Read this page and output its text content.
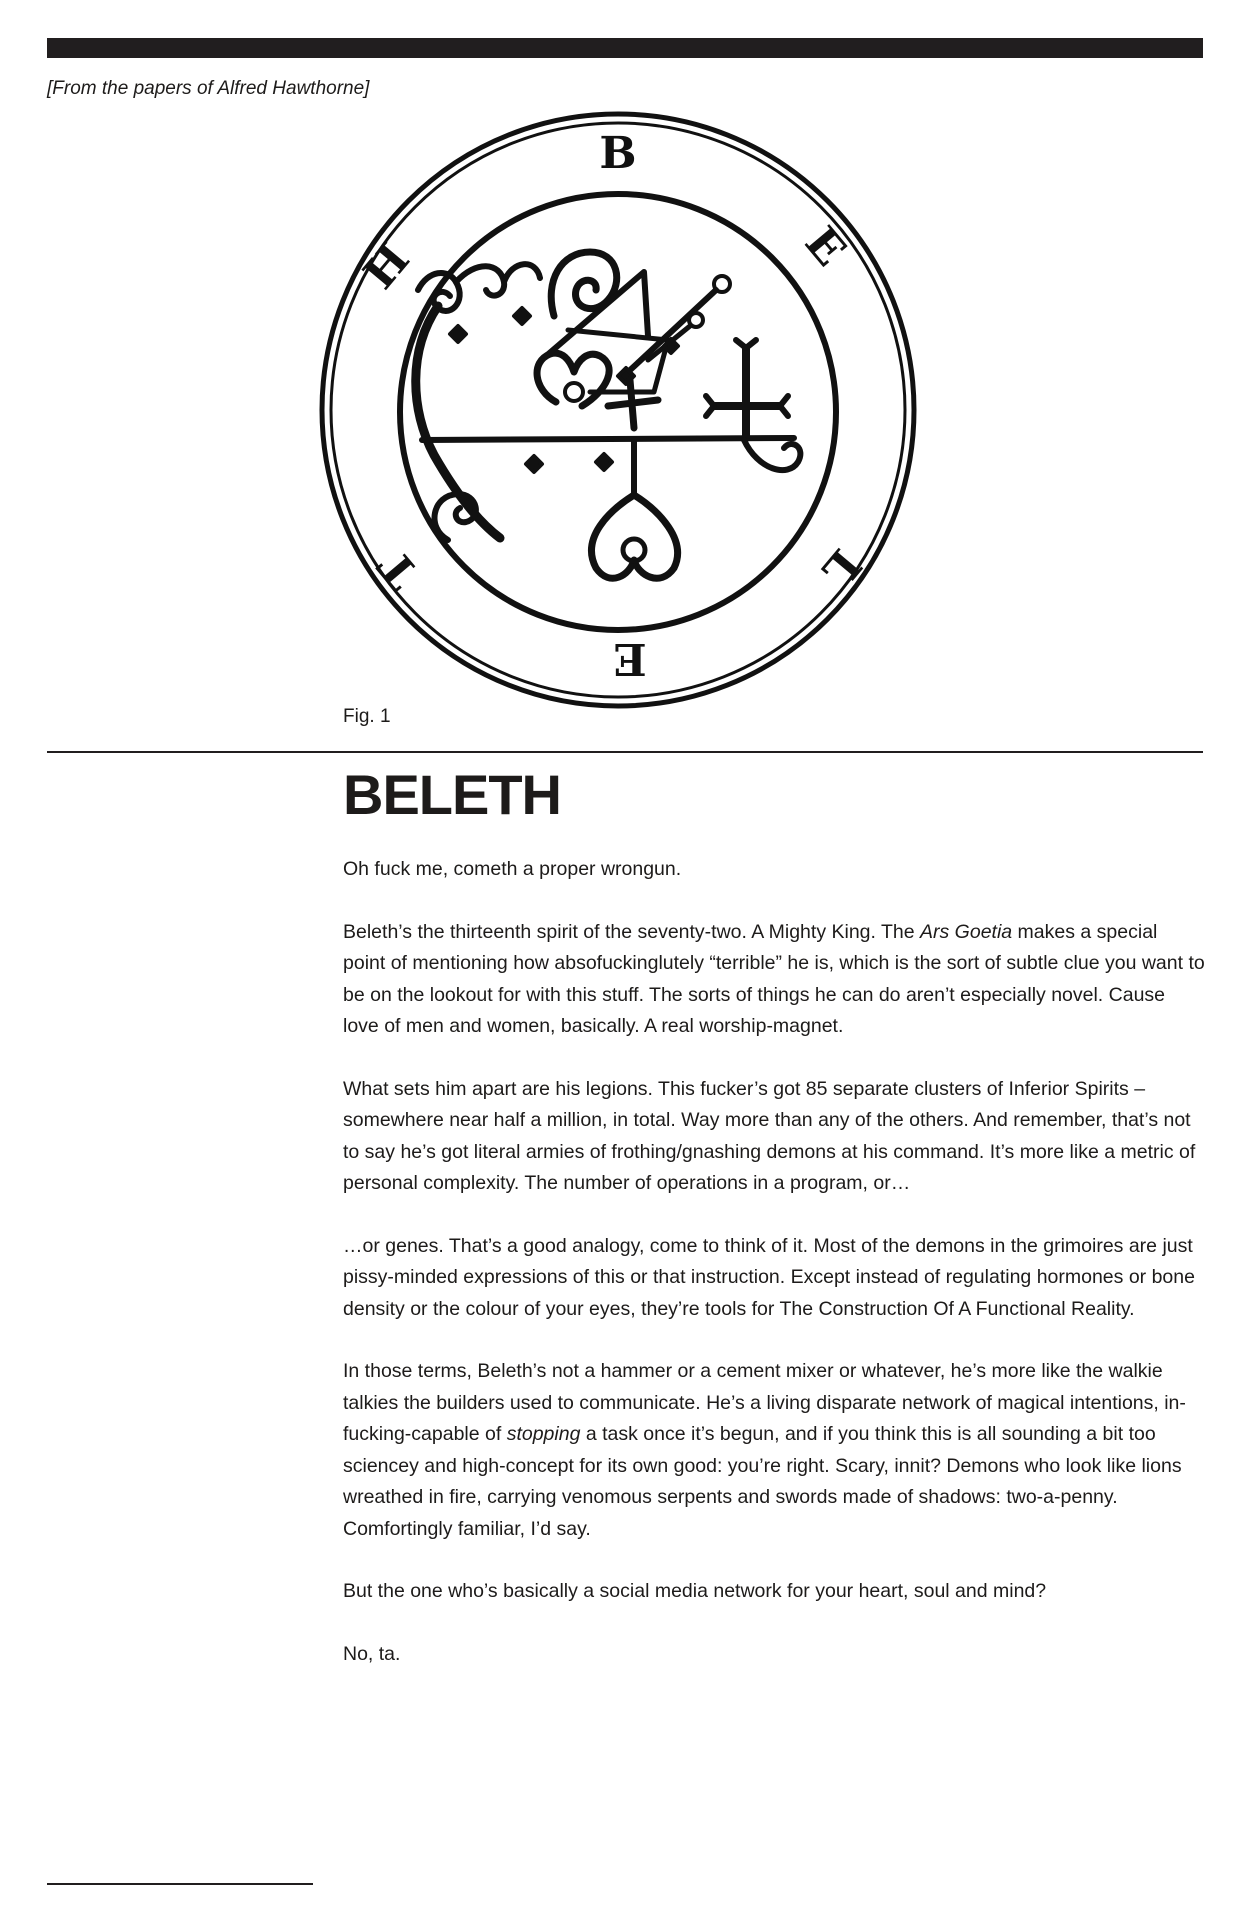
[From the papers of Alfred Hawthorne]
B
E
L
E
T
H
Fig. 1
BELETH

Oh fuck me, cometh a proper wrongun.

Beleth’s the thirteenth spirit of the seventy-two. A Mighty King. The Ars Goetia makes a special point of mentioning how absofuckinglutely “terrible” he is, which is the sort of subtle clue you want to be on the lookout for with this stuff. The sorts of things he can do aren’t especially novel. Cause love of men and women, basically. A real worship-magnet.

What sets him apart are his legions. This fucker’s got 85 separate clusters of Inferior Spirits – somewhere near half a million, in total. Way more than any of the others. And remember, that’s not to say he’s got literal armies of frothing/gnashing demons at his command. It’s more like a metric of personal complexity. The number of operations in a program, or…

…or genes. That’s a good analogy, come to think of it. Most of the demons in the grimoires are just pissy-minded expressions of this or that instruction. Except instead of regulating hormones or bone density or the colour of your eyes, they’re tools for The Construction Of A Functional Reality.

In those terms, Beleth’s not a hammer or a cement mixer or whatever, he’s more like the walkie talkies the builders used to communicate. He’s a living disparate network of magical intentions, in-fucking-capable of stopping a task once it’s begun, and if you think this is all sounding a bit too sciencey and high-concept for its own good: you’re right. Scary, innit? Demons who look like lions wreathed in fire, carrying venomous serpents and swords made of shadows: two-a-penny. Comfortingly familiar, I’d say.

But the one who’s basically a social media network for your heart, soul and mind?

No, ta.
